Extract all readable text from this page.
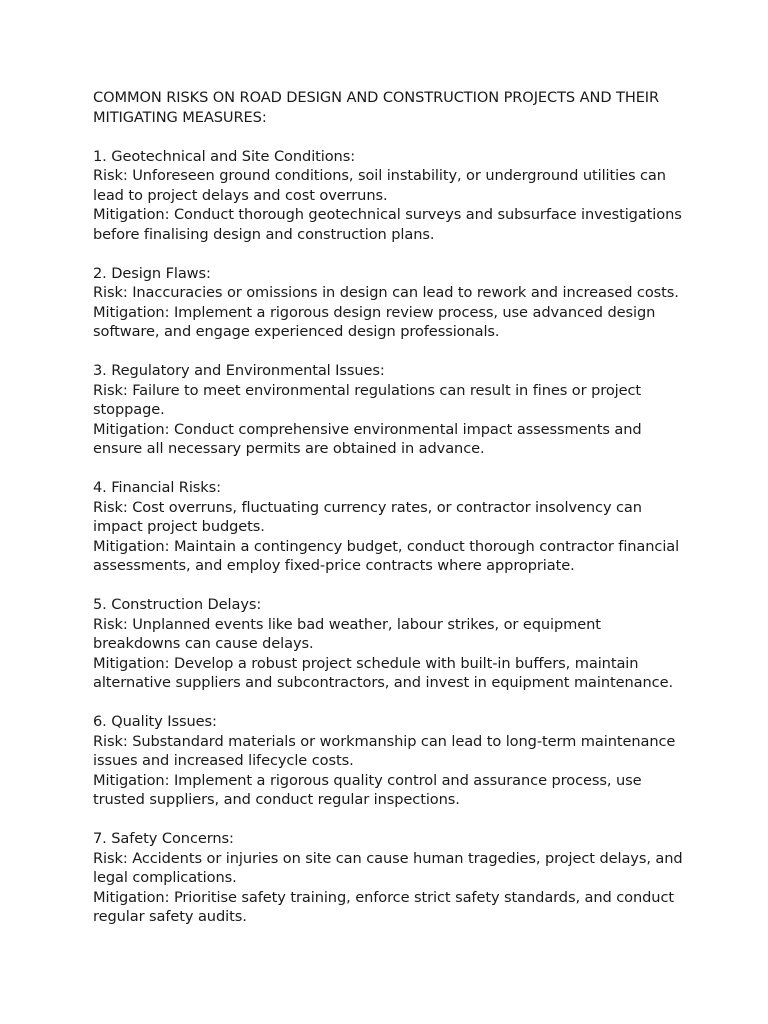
COMMON RISKS ON ROAD DESIGN AND CONSTRUCTION PROJECTS AND THEIR MITIGATING MEASURES:
1. Geotechnical and Site Conditions:
Risk: Unforeseen ground conditions, soil instability, or underground utilities can lead to project delays and cost overruns.
Mitigation: Conduct thorough geotechnical surveys and subsurface investigations before finalising design and construction plans.
2. Design Flaws:
Risk: Inaccuracies or omissions in design can lead to rework and increased costs.
Mitigation: Implement a rigorous design review process, use advanced design software, and engage experienced design professionals.
3. Regulatory and Environmental Issues:
Risk: Failure to meet environmental regulations can result in fines or project stoppage.
Mitigation: Conduct comprehensive environmental impact assessments and ensure all necessary permits are obtained in advance.
4. Financial Risks:
Risk: Cost overruns, fluctuating currency rates, or contractor insolvency can impact project budgets.
Mitigation: Maintain a contingency budget, conduct thorough contractor financial assessments, and employ fixed-price contracts where appropriate.
5. Construction Delays:
Risk: Unplanned events like bad weather, labour strikes, or equipment breakdowns can cause delays.
Mitigation: Develop a robust project schedule with built-in buffers, maintain alternative suppliers and subcontractors, and invest in equipment maintenance.
6. Quality Issues:
Risk: Substandard materials or workmanship can lead to long-term maintenance issues and increased lifecycle costs.
Mitigation: Implement a rigorous quality control and assurance process, use trusted suppliers, and conduct regular inspections.
7. Safety Concerns:
Risk: Accidents or injuries on site can cause human tragedies, project delays, and legal complications.
Mitigation: Prioritise safety training, enforce strict safety standards, and conduct regular safety audits.
